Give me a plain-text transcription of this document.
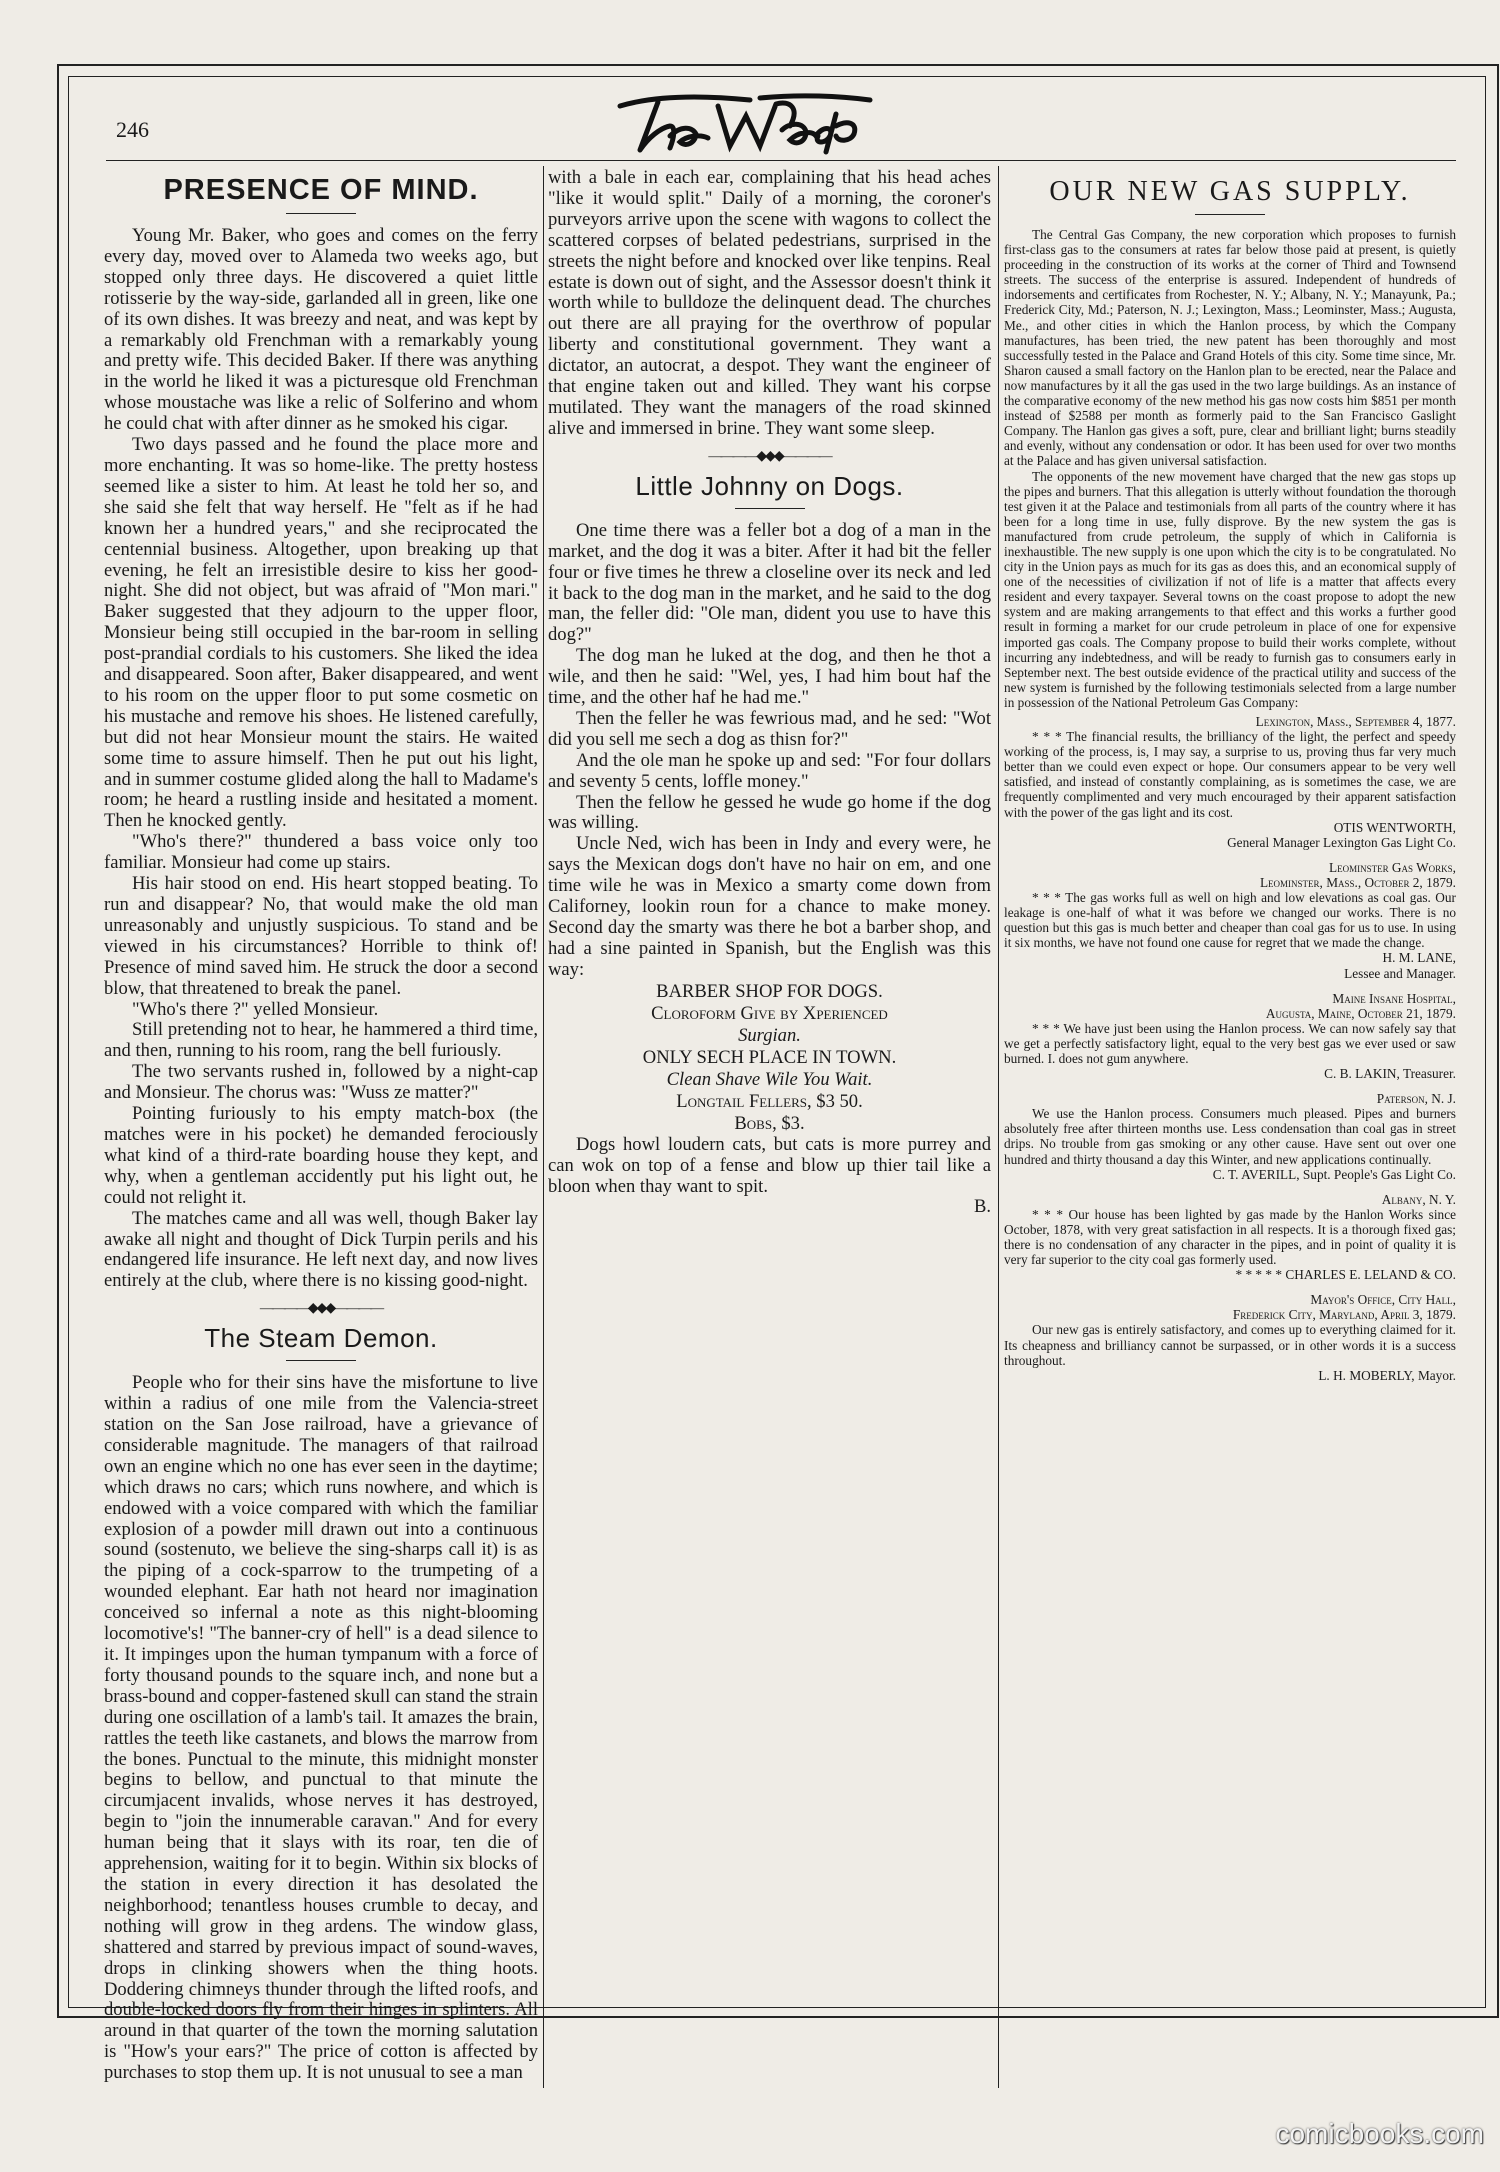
246
PRESENCE OF MIND.

Young Mr. Baker, who goes and comes on the ferry every day, moved over to Alameda two weeks ago, but stopped only three days. He discovered a quiet little rotisserie by the way-side, garlanded all in green, like one of its own dishes. It was breezy and neat, and was kept by a remarkably old Frenchman with a remarkably young and pretty wife. This decided Baker. If there was anything in the world he liked it was a picturesque old Frenchman whose moustache was like a relic of Solferino and whom he could chat with after dinner as he smoked his cigar.

Two days passed and he found the place more and more enchanting. It was so home-like. The pretty hostess seemed like a sister to him. At least he told her so, and she said she felt that way herself. He "felt as if he had known her a hundred years," and she reciprocated the centennial business. Altogether, upon breaking up that evening, he felt an irresistible desire to kiss her good-night. She did not object, but was afraid of "Mon mari." Baker suggested that they adjourn to the upper floor, Monsieur being still occupied in the bar-room in selling post-prandial cordials to his customers. She liked the idea and disappeared. Soon after, Baker disappeared, and went to his room on the upper floor to put some cosmetic on his mustache and remove his shoes. He listened carefully, but did not hear Monsieur mount the stairs. He waited some time to assure himself. Then he put out his light, and in summer costume glided along the hall to Madame's room; he heard a rustling inside and hesitated a moment. Then he knocked gently.

"Who's there?" thundered a bass voice only too familiar. Monsieur had come up stairs.

His hair stood on end. His heart stopped beating. To run and disappear? No, that would make the old man unreasonably and unjustly suspicious. To stand and be viewed in his circumstances? Horrible to think of! Presence of mind saved him. He struck the door a second blow, that threatened to break the panel.

"Who's there ?" yelled Monsieur.

Still pretending not to hear, he hammered a third time, and then, running to his room, rang the bell furiously.

The two servants rushed in, followed by a night-cap and Monsieur. The chorus was: "Wuss ze matter?"

Pointing furiously to his empty match-box (the matches were in his pocket) he demanded ferociously what kind of a third-rate boarding house they kept, and why, when a gentleman accidently put his light out, he could not relight it.

The matches came and all was well, though Baker lay awake all night and thought of Dick Turpin perils and his endangered life insurance. He left next day, and now lives entirely at the club, where there is no kissing good-night.

————◆◆◆————
The Steam Demon.

People who for their sins have the misfortune to live within a radius of one mile from the Valencia-street station on the San Jose railroad, have a grievance of considerable magnitude. The managers of that railroad own an engine which no one has ever seen in the daytime; which draws no cars; which runs nowhere, and which is endowed with a voice compared with which the familiar explosion of a powder mill drawn out into a continuous sound (sostenuto, we believe the sing-sharps call it) is as the piping of a cock-sparrow to the trumpeting of a wounded elephant. Ear hath not heard nor imagination conceived so infernal a note as this night-blooming locomotive's! "The banner-cry of hell" is a dead silence to it. It impinges upon the human tympanum with a force of forty thousand pounds to the square inch, and none but a brass-bound and copper-fastened skull can stand the strain during one oscillation of a lamb's tail. It amazes the brain, rattles the teeth like castanets, and blows the marrow from the bones. Punctual to the minute, this midnight monster begins to bellow, and punctual to that minute the circumjacent invalids, whose nerves it has destroyed, begin to "join the innumerable caravan." And for every human being that it slays with its roar, ten die of apprehension, waiting for it to begin. Within six blocks of the station in every direction it has desolated the neighborhood; tenantless houses crumble to decay, and nothing will grow in theg ardens. The window glass, shattered and starred by previous impact of sound-waves, drops in clinking showers when the thing hoots. Doddering chimneys thunder through the lifted roofs, and double-locked doors fly from their hinges in splinters. All around in that quarter of the town the morning salutation is "How's your ears?" The price of cotton is affected by purchases to stop them up. It is not unusual to see a man

with a bale in each ear, complaining that his head aches "like it would split." Daily of a morning, the coroner's purveyors arrive upon the scene with wagons to collect the scattered corpses of belated pedestrians, surprised in the streets the night before and knocked over like tenpins. Real estate is down out of sight, and the Assessor doesn't think it worth while to bulldoze the delinquent dead. The churches out there are all praying for the overthrow of popular liberty and constitutional government. They want a dictator, an autocrat, a despot. They want the engineer of that engine taken out and killed. They want his corpse mutilated. They want the managers of the road skinned alive and immersed in brine. They want some sleep.

————◆◆◆————
Little Johnny on Dogs.

One time there was a feller bot a dog of a man in the market, and the dog it was a biter. After it had bit the feller four or five times he threw a closeline over its neck and led it back to the dog man in the market, and he said to the dog man, the feller did: "Ole man, dident you use to have this dog?"

The dog man he luked at the dog, and then he thot a wile, and then he said: "Wel, yes, I had him bout haf the time, and the other haf he had me."

Then the feller he was fewrious mad, and he sed: "Wot did you sell me sech a dog as thisn for?"

And the ole man he spoke up and sed: "For four dollars and seventy 5 cents, loffle money."

Then the fellow he gessed he wude go home if the dog was willing.

Uncle Ned, wich has been in Indy and every were, he says the Mexican dogs don't have no hair on em, and one time wile he was in Mexico a smarty come down from Californey, lookin roun for a chance to make money. Second day the smarty was there he bot a barber shop, and had a sine painted in Spanish, but the English was this way:

BARBER SHOP FOR DOGS.

Cloroform Give by Xperienced

Surgian.

ONLY SECH PLACE IN TOWN.

Clean Shave Wile You Wait.

Longtail Fellers, $3 50.

Bobs, $3.

Dogs howl loudern cats, but cats is more purrey and can wok on top of a fense and blow up thier tail like a bloon when thay want to spit.

B.

OUR NEW GAS SUPPLY.

The Central Gas Company, the new corporation which proposes to furnish first-class gas to the consumers at rates far below those paid at present, is quietly proceeding in the construction of its works at the corner of Third and Townsend streets. The success of the enterprise is assured. Independent of hundreds of indorsements and certificates from Rochester, N. Y.; Albany, N. Y.; Manayunk, Pa.; Frederick City, Md.; Paterson, N. J.; Lexington, Mass.; Leominster, Mass.; Augusta, Me., and other cities in which the Hanlon process, by which the Company manufactures, has been tried, the new patent has been thoroughly and most successfully tested in the Palace and Grand Hotels of this city. Some time since, Mr. Sharon caused a small factory on the Hanlon plan to be erected, near the Palace and now manufactures by it all the gas used in the two large buildings. As an instance of the comparative economy of the new method his gas now costs him $851 per month instead of $2588 per month as formerly paid to the San Francisco Gaslight Company. The Hanlon gas gives a soft, pure, clear and brilliant light; burns steadily and evenly, without any condensation or odor. It has been used for over two months at the Palace and has given universal satisfaction.

The opponents of the new movement have charged that the new gas stops up the pipes and burners. That this allegation is utterly without foundation the thorough test given it at the Palace and testimonials from all parts of the country where it has been for a long time in use, fully disprove. By the new system the gas is manufactured from crude petroleum, the supply of which in California is inexhaustible. The new supply is one upon which the city is to be congratulated. No city in the Union pays as much for its gas as does this, and an economical supply of one of the necessities of civilization if not of life is a matter that affects every resident and every taxpayer. Several towns on the coast propose to adopt the new system and are making arrangements to that effect and this works a further good result in forming a market for our crude petroleum in place of one for expensive imported gas coals. The Company propose to build their works complete, without incurring any indebtedness, and will be ready to furnish gas to consumers early in September next. The best outside evidence of the practical utility and success of the new system is furnished by the following testimonials selected from a large number in possession of the National Petroleum Gas Company:

Lexington, Mass., September 4, 1877.

* * * The financial results, the brilliancy of the light, the perfect and speedy working of the process, is, I may say, a surprise to us, proving thus far very much better than we could even expect or hope. Our consumers appear to be very well satisfied, and instead of constantly complaining, as is sometimes the case, we are frequently complimented and very much encouraged by their apparent satisfaction with the power of the gas light and its cost.

OTIS WENTWORTH,

General Manager Lexington Gas Light Co.

Leominster Gas Works,

Leominster, Mass., October 2, 1879.

* * * The gas works full as well on high and low elevations as coal gas. Our leakage is one-half of what it was before we changed our works. There is no question but this gas is much better and cheaper than coal gas for us to use. In using it six months, we have not found one cause for regret that we made the change.

H. M. LANE,

Lessee and Manager.

Maine Insane Hospital,

Augusta, Maine, October 21, 1879.

* * * We have just been using the Hanlon process. We can now safely say that we get a perfectly satisfactory light, equal to the very best gas we ever used or saw burned. I. does not gum anywhere.

C. B. LAKIN, Treasurer.

Paterson, N. J.

We use the Hanlon process. Consumers much pleased. Pipes and burners absolutely free after thirteen months use. Less condensation than coal gas in street drips. No trouble from gas smoking or any other cause. Have sent out over one hundred and thirty thousand a day this Winter, and new applications continually.

C. T. AVERILL, Supt. People's Gas Light Co.

Albany, N. Y.

* * * Our house has been lighted by gas made by the Hanlon Works since October, 1878, with very great satisfaction in all respects. It is a thorough fixed gas; there is no condensation of any character in the pipes, and in point of quality it is very far superior to the city coal gas formerly used.

* * * * * CHARLES E. LELAND & CO.

Mayor's Office, City Hall,

Frederick City, Maryland, April 3, 1879.

Our new gas is entirely satisfactory, and comes up to everything claimed for it. Its cheapness and brilliancy cannot be surpassed, or in other words it is a success throughout.

L. H. MOBERLY, Mayor.

comicbooks.com
